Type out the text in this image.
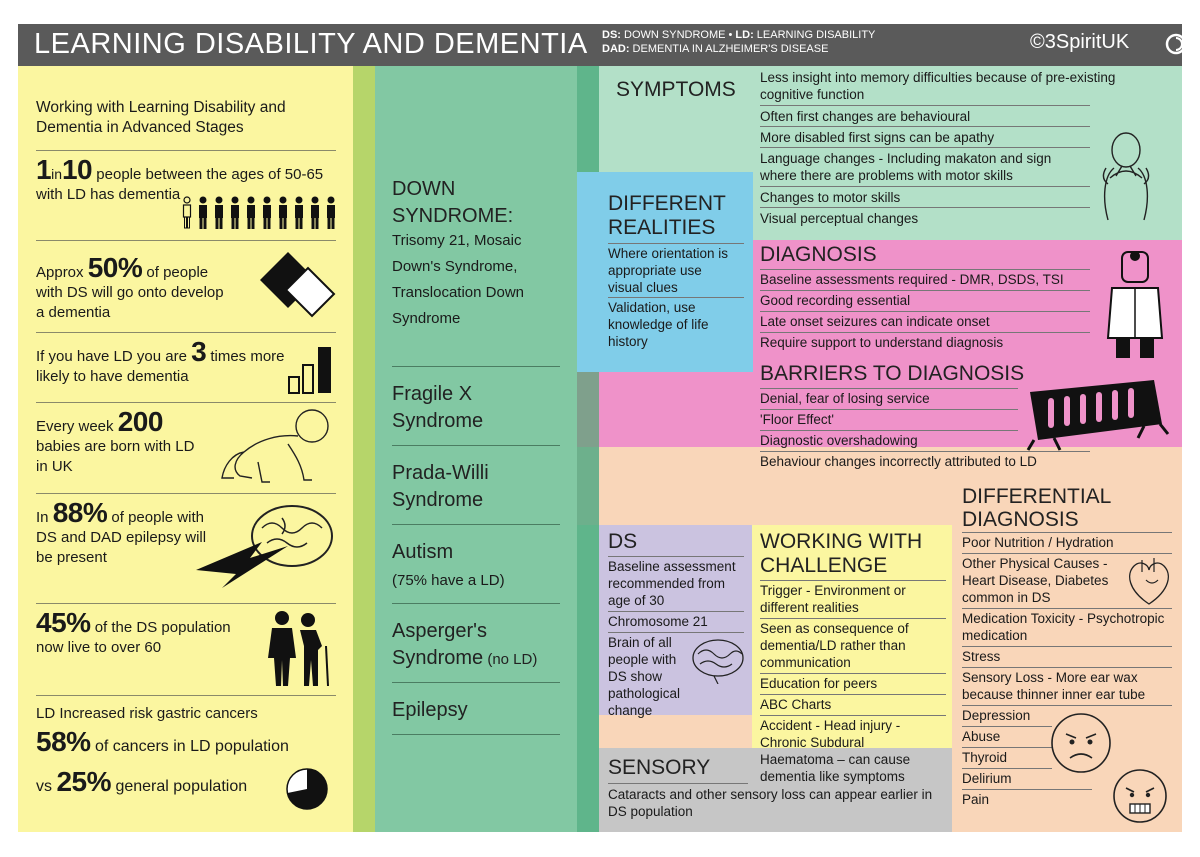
LEARNING DISABILITY AND DEMENTIA DS: DOWN SYNDROME • LD: LEARNING DISABILITY
DAD: DEMENTIA IN ALZHEIMER'S DISEASE	©3SpiritUK
Working with Learning Disability and Dementia in Advanced Stages
1in10 people between the ages of 50-65 with LD has dementia
Approx 50% of people with DS will go onto develop a dementia
If you have LD you are 3 times more likely to have dementia
Every week 200 babies are born with LD in UK
In 88% of people with DS and DAD epilepsy will be present
45% of the DS population now live to over 60
LD Increased risk gastric cancers
58% of cancers in LD population
vs 25% general population
DOWN SYNDROME:
Trisomy 21, Mosaic Down's Syndrome, Translocation Down Syndrome
Fragile X Syndrome
Prada-Willi Syndrome
Autism
(75% have a LD)
Asperger's Syndrome (no LD)
Epilepsy
SYMPTOMS
Less insight into memory difficulties because of pre-existing cognitive function
Often first changes are behavioural
More disabled first signs can be apathy
Language changes - Including makaton and sign where there are problems with motor skills
Changes to motor skills
Visual perceptual changes
DIFFERENT REALITIES
Where orientation is appropriate use visual clues
Validation, use knowledge of life history
DIAGNOSIS
Baseline assessments required - DMR, DSDS, TSI
Good recording essential
Late onset seizures can indicate onset
Require support to understand diagnosis
BARRIERS TO DIAGNOSIS
Denial, fear of losing service
'Floor Effect'
Diagnostic overshadowing
Behaviour changes incorrectly attributed to LD
DS
Baseline assessment recommended from age of 30
Chromosome 21
Brain of all people with DS show pathological change
WORKING WITH CHALLENGE
Trigger - Environment or different realities
Seen as consequence of dementia/LD rather than communication
Education for peers
ABC Charts
Accident - Head injury - Chronic Subdural Haematoma – can cause dementia like symptoms
DIFFERENTIAL DIAGNOSIS
Poor Nutrition / Hydration
Other Physical Causes - Heart Disease, Diabetes common in DS
Medication Toxicity - Psychotropic medication
Stress
Sensory Loss - More ear wax because thinner inner ear tube
Depression
Abuse
Thyroid
Delirium
Pain
SENSORY
Cataracts and other sensory loss can appear earlier in DS population
